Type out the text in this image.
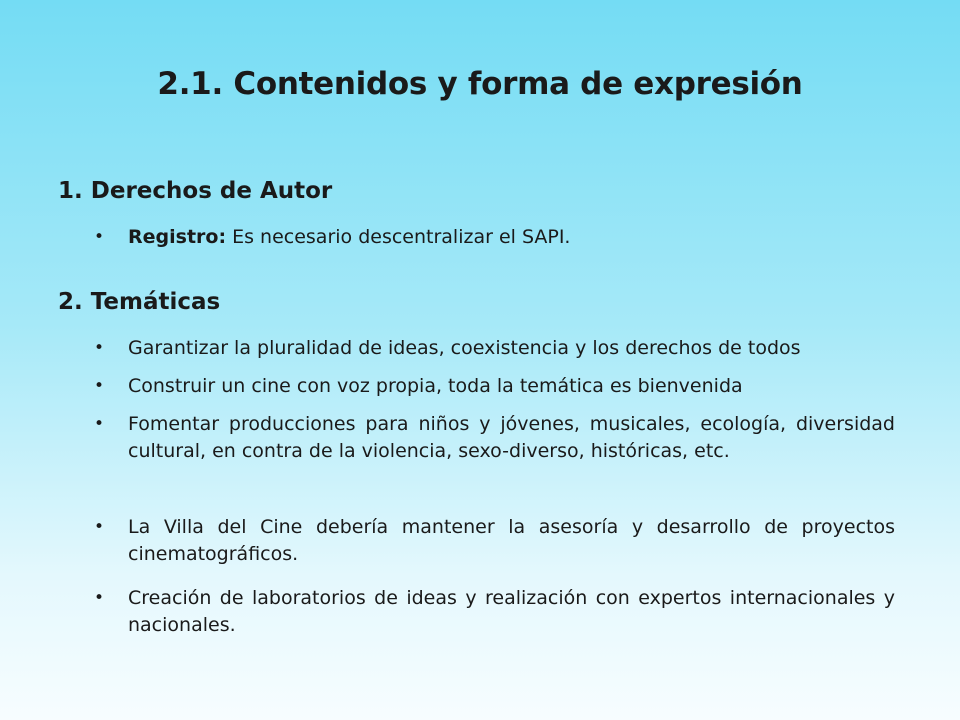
2.1. Contenidos y forma de expresión
1. Derechos de Autor
• Registro: Es necesario descentralizar el SAPI.
2. Temáticas
• Garantizar la pluralidad de ideas, coexistencia y los derechos de todos
• Construir un cine con voz propia, toda la temática es bienvenida
• Fomentar producciones para niños y jóvenes, musicales, ecología, diversidad cultural, en contra de la violencia, sexo-diverso, históricas, etc.
• La Villa del Cine debería mantener la asesoría y desarrollo de proyectos cinematográficos.
• Creación de laboratorios de ideas y realización con expertos internacionales y nacionales.
